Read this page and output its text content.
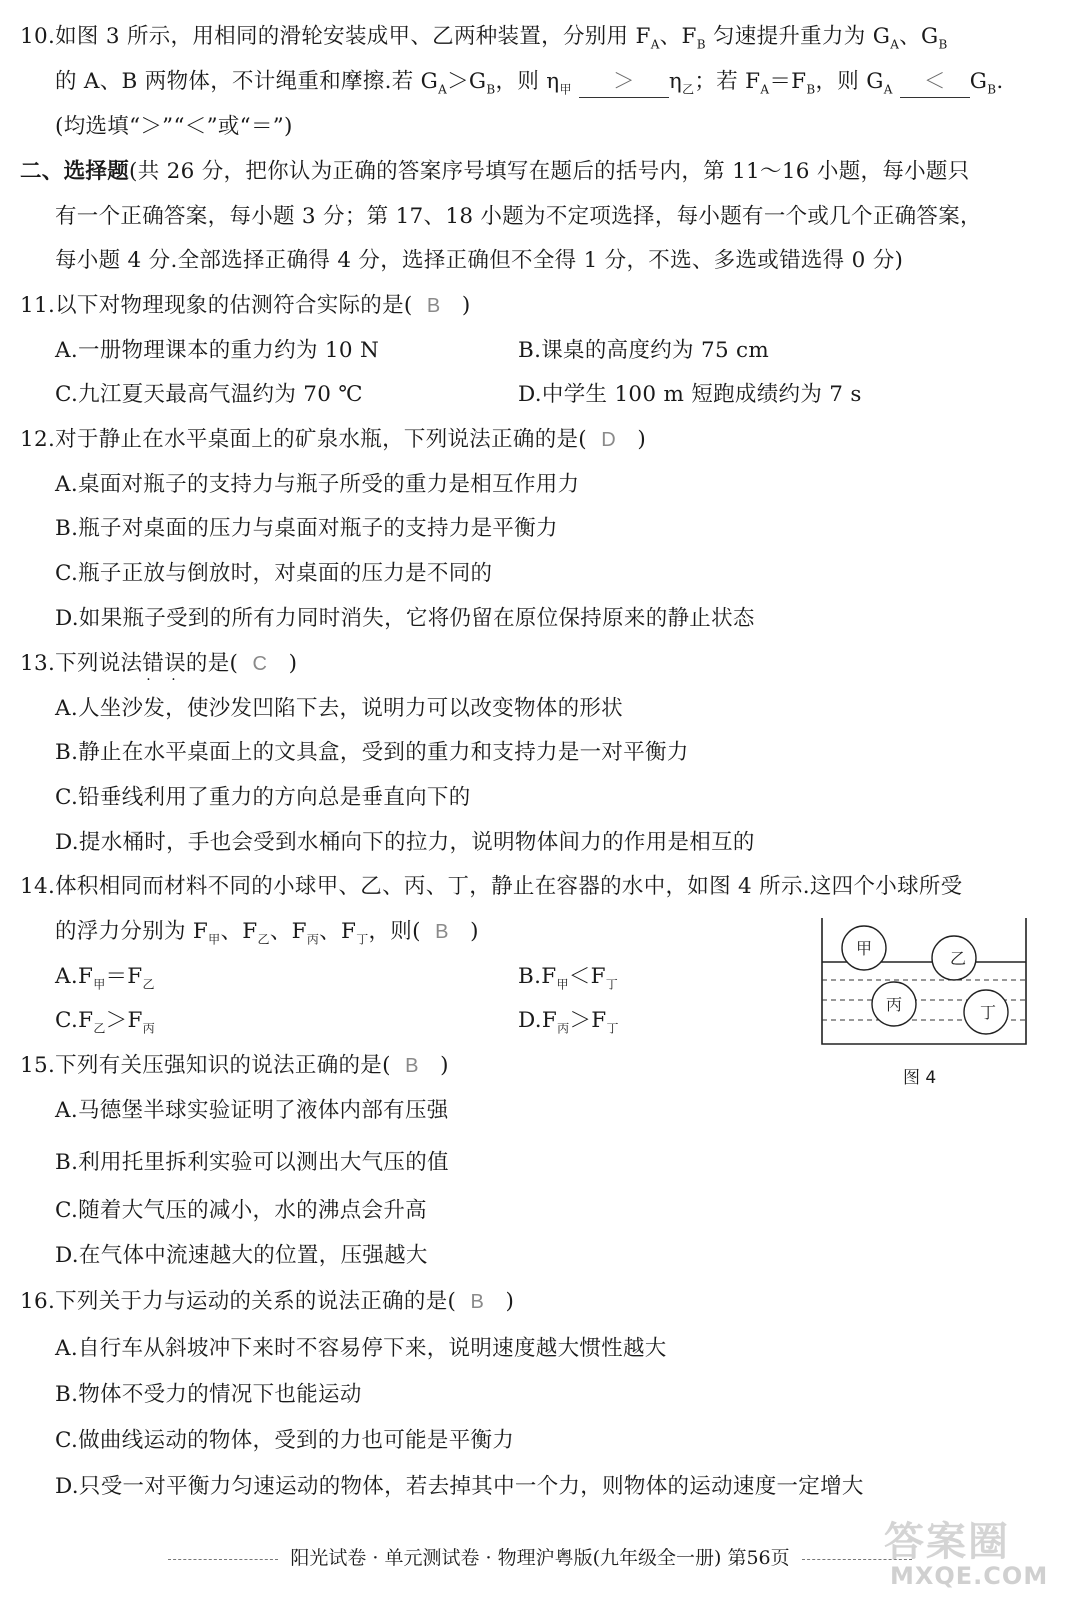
10.如图 3 所示，用相同的滑轮安装成甲、乙两种装置，分别用 $F_A$、$F_B$ 匀速提升重力为 $G_A$、$G_B$
的 A、B 两物体，不计绳重和摩擦.若 $G_A>G_B$，则 $\eta_甲 > \eta_乙$；若 $F_A=F_B$，则 $G_A < G_B$.
(均选填“＞”“＜”或“＝”)
二、选择题(共 26 分，把你认为正确的答案序号填写在题后的括号内，第 11～16 小题，每小题只
有一个正确答案，每小题 3 分；第 17、18 小题为不定项选择，每小题有一个或几个正确答案，
每小题 4 分.全部选择正确得 4 分，选择正确但不全得 1 分，不选、多选或错选得 0 分)
11.以下对物理现象的估测符合实际的是( B )
A.一册物理课本的重力约为 10 N	B.课桌的高度约为 75 cm
C.九江夏天最高气温约为 70 ℃	D.中学生 100 m 短跑成绩约为 7 s
12.对于静止在水平桌面上的矿泉水瓶，下列说法正确的是( D )
A.桌面对瓶子的支持力与瓶子所受的重力是相互作用力
B.瓶子对桌面的压力与桌面对瓶子的支持力是平衡力
C.瓶子正放与倒放时，对桌面的压力是不同的
D.如果瓶子受到的所有力同时消失，它将仍留在原位保持原来的静止状态
13.下列说法错误 · ·的是( C )
A.人坐沙发，使沙发凹陷下去，说明力可以改变物体的形状
B.静止在水平桌面上的文具盒，受到的重力和支持力是一对平衡力
C.铅垂线利用了重力的方向总是垂直向下的
D.提水桶时，手也会受到水桶向下的拉力，说明物体间力的作用是相互的
14.体积相同而材料不同的小球甲、乙、丙、丁，静止在容器的水中，如图 4 所示.这四个小球所受
的浮力分别为 $F_甲$、$F_乙$、$F_丙$、$F_丁$，则( B )
$A.F_甲=F_乙$	$B.F_甲<F_丁$
$C.F_乙>F_丙$	$D.F_丙>F_丁$
甲
乙
丙	丁
图 4
15.下列有关压强知识的说法正确的是( B )
A.马德堡半球实验证明了液体内部有压强
B.利用托里拆利实验可以测出大气压的值
C.随着大气压的减小，水的沸点会升高
D.在气体中流速越大的位置，压强越大
16.下列关于力与运动的关系的说法正确的是( B )
A.自行车从斜坡冲下来时不容易停下来，说明速度越大惯性越大
B.物体不受力的情况下也能运动
C.做曲线运动的物体，受到的力也可能是平衡力
D.只受一对平衡力匀速运动的物体，若去掉其中一个力，则物体的运动速度一定增大
阳光试卷 · 单元测试卷 · 物理沪粤版(九年级全一册) 第56页	答案圈
MXQE.COM
